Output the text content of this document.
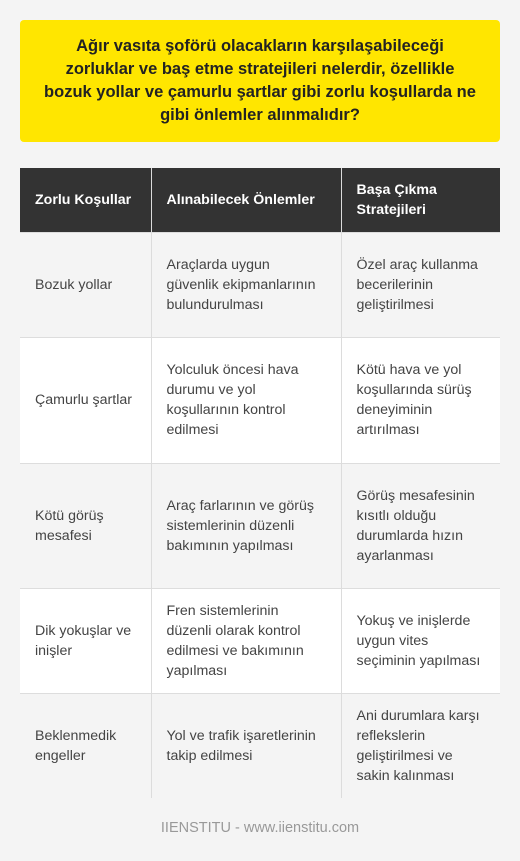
Ağır vasıta şoförü olacakların karşılaşabileceği zorluklar ve baş etme stratejileri nelerdir, özellikle bozuk yollar ve çamurlu şartlar gibi zorlu koşullarda ne gibi önlemler alınmalıdır?
Zorlu Koşullar	Alınabilecek Önlemler	Başa Çıkma Stratejileri
Bozuk yollar	Araçlarda uygun güvenlik ekipmanlarının bulundurulması	Özel araç kullanma becerilerinin geliştirilmesi
Çamurlu şartlar	Yolculuk öncesi hava durumu ve yol koşullarının kontrol edilmesi	Kötü hava ve yol koşullarında sürüş deneyiminin artırılması
Kötü görüş mesafesi	Araç farlarının ve görüş sistemlerinin düzenli bakımının yapılması	Görüş mesafesinin kısıtlı olduğu durumlarda hızın ayarlanması
Dik yokuşlar ve inişler	Fren sistemlerinin düzenli olarak kontrol edilmesi ve bakımının yapılması	Yokuş ve inişlerde uygun vites seçiminin yapılması
Beklenmedik engeller	Yol ve trafik işaretlerinin takip edilmesi	Ani durumlara karşı reflekslerin geliştirilmesi ve sakin kalınması
IIENSTITU - www.iienstitu.com
